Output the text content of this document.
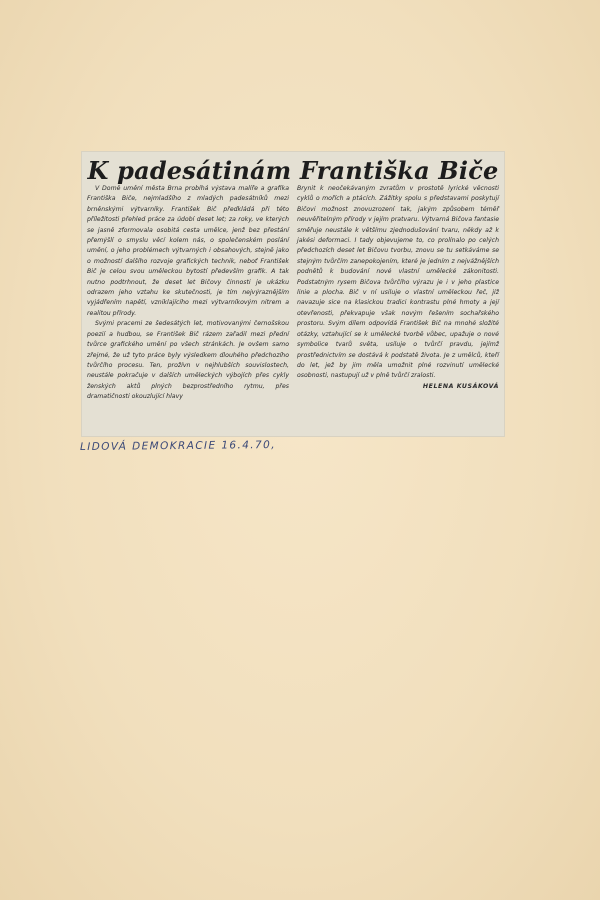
K padesátinám Františka Biče

V Domě umění města Brna probíhá výstava malíře a grafika Františka Biče, nejmladšího z mladých padesátníků mezi brněnskými výtvarníky. František Bič předkládá při této příležitosti přehled práce za údobí deset let; za roky, ve kterých se jasně zformovala osobitá cesta umělce, jenž bez přestání přemýšlí o smyslu věcí kolem nás, o společenském poslání umění, o jeho problémech výtvarných i obsahových, stejně jako o možností dalšího rozvoje grafických technik, neboť František Bič je celou svou uměleckou bytostí především grafik. A tak nutno podtrhnout, že deset let Bičovy činnosti je ukázku odrazem jeho vztahu ke skutečnosti, je tím nejvýraznějším vyjádřením napětí, vzniklajícího mezi výtvarníkovým nitrem a realitou přírody.

Svými pracemi ze šedesátých let, motivovanými černošskou poezií a hudbou, se František Bič rázem zařadil mezi přední tvůrce grafického umění po všech stránkách. Je ovšem samo zřejmé, že už tyto práce byly výsledkem dlouhého předchozího tvůrčího procesu. Ten, prožívn v nejhlubších souvislostech, neustále pokračuje v dalších uměleckých výbojích přes cykly ženských aktů plných bezprostředního rytmu, přes dramatičnosti okouzlující hlavy

Brynit k neočekávaným zvratům v prostotě lyrické věcnosti cyklů o mořích a ptácích. Zážitky spolu s představami poskytují Bičovi možnost znovuzrození tak, jakým způsobem téměř neuvěřitelným přírody v jejím pratvaru. Výtvarná Bičova fantasie směřuje neustále k většímu zjednodušování tvaru, někdy až k jakési deformaci. I tady objevujeme to, co prolínalo po celých předchozích deset let Bičovu tvorbu, znovu se tu setkáváme se stejným tvůrčím zanepokojením, které je jedním z nejvážnějších podnětů k budování nové vlastní umělecké zákonitosti. Podstatným rysem Bičova tvůrčího výrazu je i v jeho plastice linie a plocha. Bič v ní usiluje o vlastní uměleckou řeč, jíž navazuje sice na klasickou tradici kontrastu plné hmoty a její otevřenosti, překvapuje však novým řešením sochařského prostoru. Svým dílem odpovídá František Bič na mnohé složité otázky, vztahující se k umělecké tvorbě vůbec, upažuje o nové symbolice tvarů světa, usiluje o tvůrčí pravdu, jejímž prostřednictvím se dostává k podstatě života. Je z umělců, kteří do let, jež by jim měla umožnit plné rozvinutí umělecké osobnosti, nastupují už v plně tvůrčí zralosti.

HELENA KUSÁKOVÁ
LIDOVÁ DEMOKRACIE 16.4.70,
